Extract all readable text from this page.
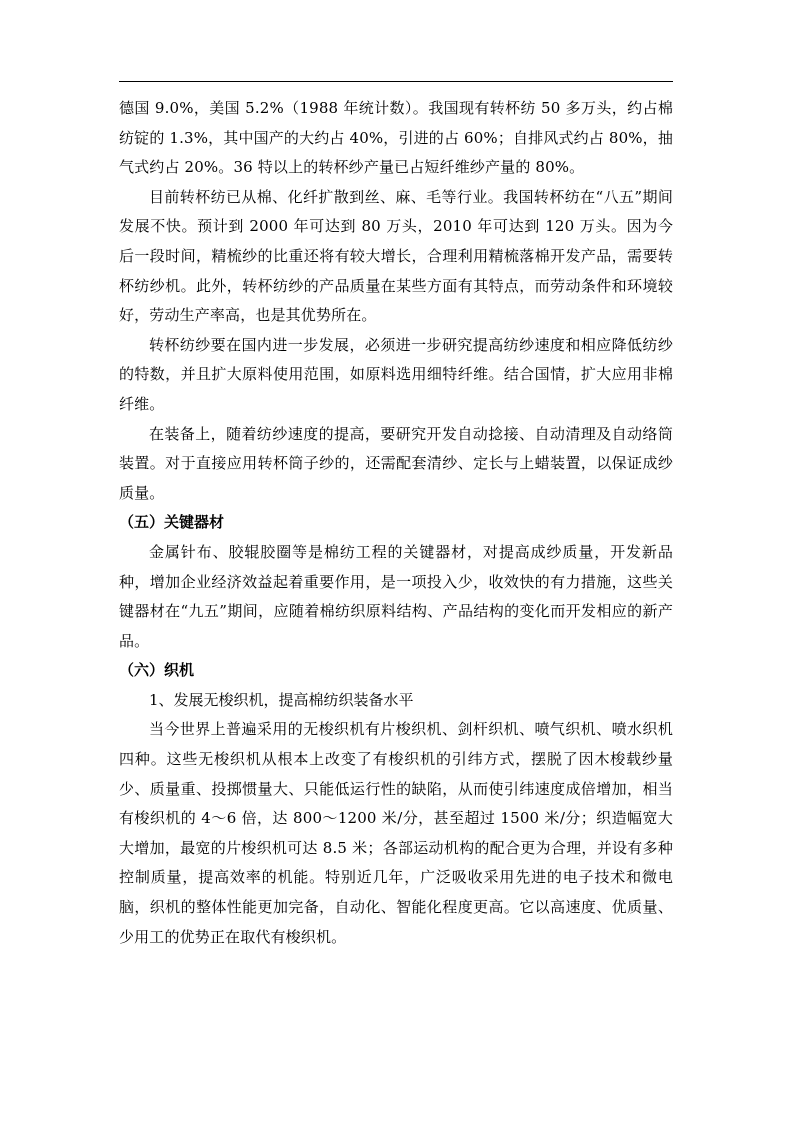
德国 9.0%，美国 5.2%（1988 年统计数）。我国现有转杯纺 50 多万头，约占棉纺锭的 1.3%，其中国产的大约占 40%，引进的占 60%；自排风式约占 80%，抽气式约占 20%。36 特以上的转杯纱产量已占短纤维纱产量的 80%。

目前转杯纺已从棉、化纤扩散到丝、麻、毛等行业。我国转杯纺在“八五”期间发展不快。预计到 2000 年可达到 80 万头，2010 年可达到 120 万头。因为今后一段时间，精梳纱的比重还将有较大增长，合理利用精梳落棉开发产品，需要转杯纺纱机。此外，转杯纺纱的产品质量在某些方面有其特点，而劳动条件和环境较好，劳动生产率高，也是其优势所在。

转杯纺纱要在国内进一步发展，必须进一步研究提高纺纱速度和相应降低纺纱的特数，并且扩大原料使用范围，如原料选用细特纤维。结合国情，扩大应用非棉纤维。

在装备上，随着纺纱速度的提高，要研究开发自动捻接、自动清理及自动络筒装置。对于直接应用转杯筒子纱的，还需配套清纱、定长与上蜡装置，以保证成纱质量。

（五）关键器材

金属针布、胶辊胶圈等是棉纺工程的关键器材，对提高成纱质量，开发新品种，增加企业经济效益起着重要作用，是一项投入少，收效快的有力措施，这些关键器材在“九五”期间，应随着棉纺织原料结构、产品结构的变化而开发相应的新产品。

（六）织机

1、发展无梭织机，提高棉纺织装备水平

当今世界上普遍采用的无梭织机有片梭织机、剑杆织机、喷气织机、喷水织机四种。这些无梭织机从根本上改变了有梭织机的引纬方式，摆脱了因木梭载纱量少、质量重、投掷惯量大、只能低运行性的缺陷，从而使引纬速度成倍增加，相当有梭织机的 4～6 倍，达 800～1200 米/分，甚至超过 1500 米/分；织造幅宽大大增加，最宽的片梭织机可达 8.5 米；各部运动机构的配合更为合理，并设有多种控制质量，提高效率的机能。特别近几年，广泛吸收采用先进的电子技术和微电脑，织机的整体性能更加完备，自动化、智能化程度更高。它以高速度、优质量、少用工的优势正在取代有梭织机。
